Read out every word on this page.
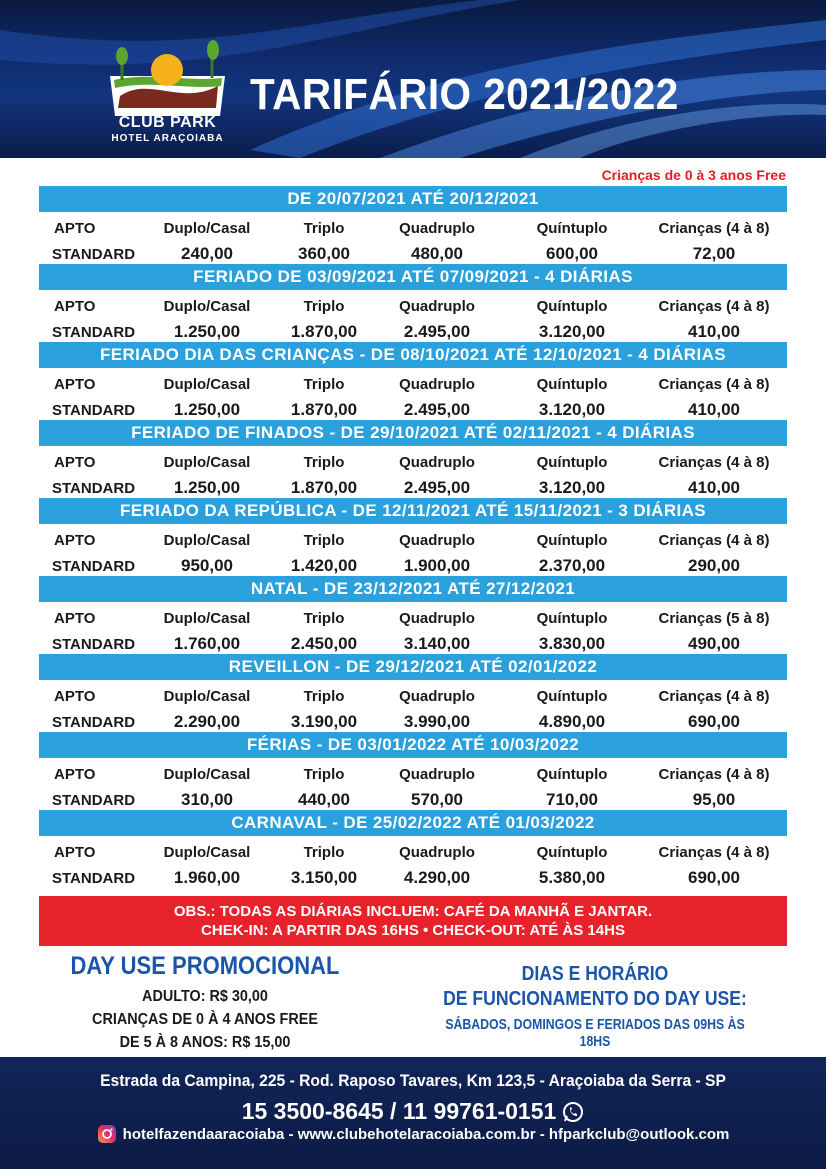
CLUB PARK
HOTEL ARAÇOIABA
TARIFÁRIO 2021/2022
Crianças de 0 à 3 anos Free
DE 20/07/2021 ATÉ 20/12/2021
APTO	Duplo/Casal	Triplo	Quadruplo	Quíntuplo	Crianças (4 à 8)
STANDARD	240,00	360,00	480,00	600,00	72,00
FERIADO DE 03/09/2021 ATÉ 07/09/2021 - 4 DIÁRIAS
APTO	Duplo/Casal	Triplo	Quadruplo	Quíntuplo	Crianças (4 à 8)
STANDARD	1.250,00	1.870,00	2.495,00	3.120,00	410,00
FERIADO DIA DAS CRIANÇAS - DE 08/10/2021 ATÉ 12/10/2021 - 4 DIÁRIAS
APTO	Duplo/Casal	Triplo	Quadruplo	Quíntuplo	Crianças (4 à 8)
STANDARD	1.250,00	1.870,00	2.495,00	3.120,00	410,00
FERIADO DE FINADOS - DE 29/10/2021 ATÉ 02/11/2021 - 4 DIÁRIAS
APTO	Duplo/Casal	Triplo	Quadruplo	Quíntuplo	Crianças (4 à 8)
STANDARD	1.250,00	1.870,00	2.495,00	3.120,00	410,00
FERIADO DA REPÚBLICA - DE 12/11/2021 ATÉ 15/11/2021 - 3 DIÁRIAS
APTO	Duplo/Casal	Triplo	Quadruplo	Quíntuplo	Crianças (4 à 8)
STANDARD	950,00	1.420,00	1.900,00	2.370,00	290,00
NATAL - DE 23/12/2021 ATÉ 27/12/2021
APTO	Duplo/Casal	Triplo	Quadruplo	Quíntuplo	Crianças (5 à 8)
STANDARD	1.760,00	2.450,00	3.140,00	3.830,00	490,00
REVEILLON - DE 29/12/2021 ATÉ 02/01/2022
APTO	Duplo/Casal	Triplo	Quadruplo	Quíntuplo	Crianças (4 à 8)
STANDARD	2.290,00	3.190,00	3.990,00	4.890,00	690,00
FÉRIAS - DE 03/01/2022 ATÉ 10/03/2022
APTO	Duplo/Casal	Triplo	Quadruplo	Quíntuplo	Crianças (4 à 8)
STANDARD	310,00	440,00	570,00	710,00	95,00
CARNAVAL - DE 25/02/2022 ATÉ 01/03/2022
APTO	Duplo/Casal	Triplo	Quadruplo	Quíntuplo	Crianças (4 à 8)
STANDARD	1.960,00	3.150,00	4.290,00	5.380,00	690,00
OBS.: TODAS AS DIÁRIAS INCLUEM: CAFÉ DA MANHÃ E JANTAR.
CHEK-IN: A PARTIR DAS 16HS • CHECK-OUT: ATÉ ÀS 14HS
DAY USE PROMOCIONAL
ADULTO: R$ 30,00
CRIANÇAS DE 0 À 4 ANOS FREE
DE 5 À 8 ANOS: R$ 15,00
DIAS E HORÁRIO
DE FUNCIONAMENTO DO DAY USE:
SÁBADOS, DOMINGOS E FERIADOS DAS 09HS ÀS 18HS
Estrada da Campina, 225 - Rod. Raposo Tavares, Km 123,5 - Araçoiaba da Serra - SP
15 3500-8645 / 11 99761-0151
hotelfazendaaracoiaba - www.clubehotelaracoiaba.com.br - hfparkclub@outlook.com
